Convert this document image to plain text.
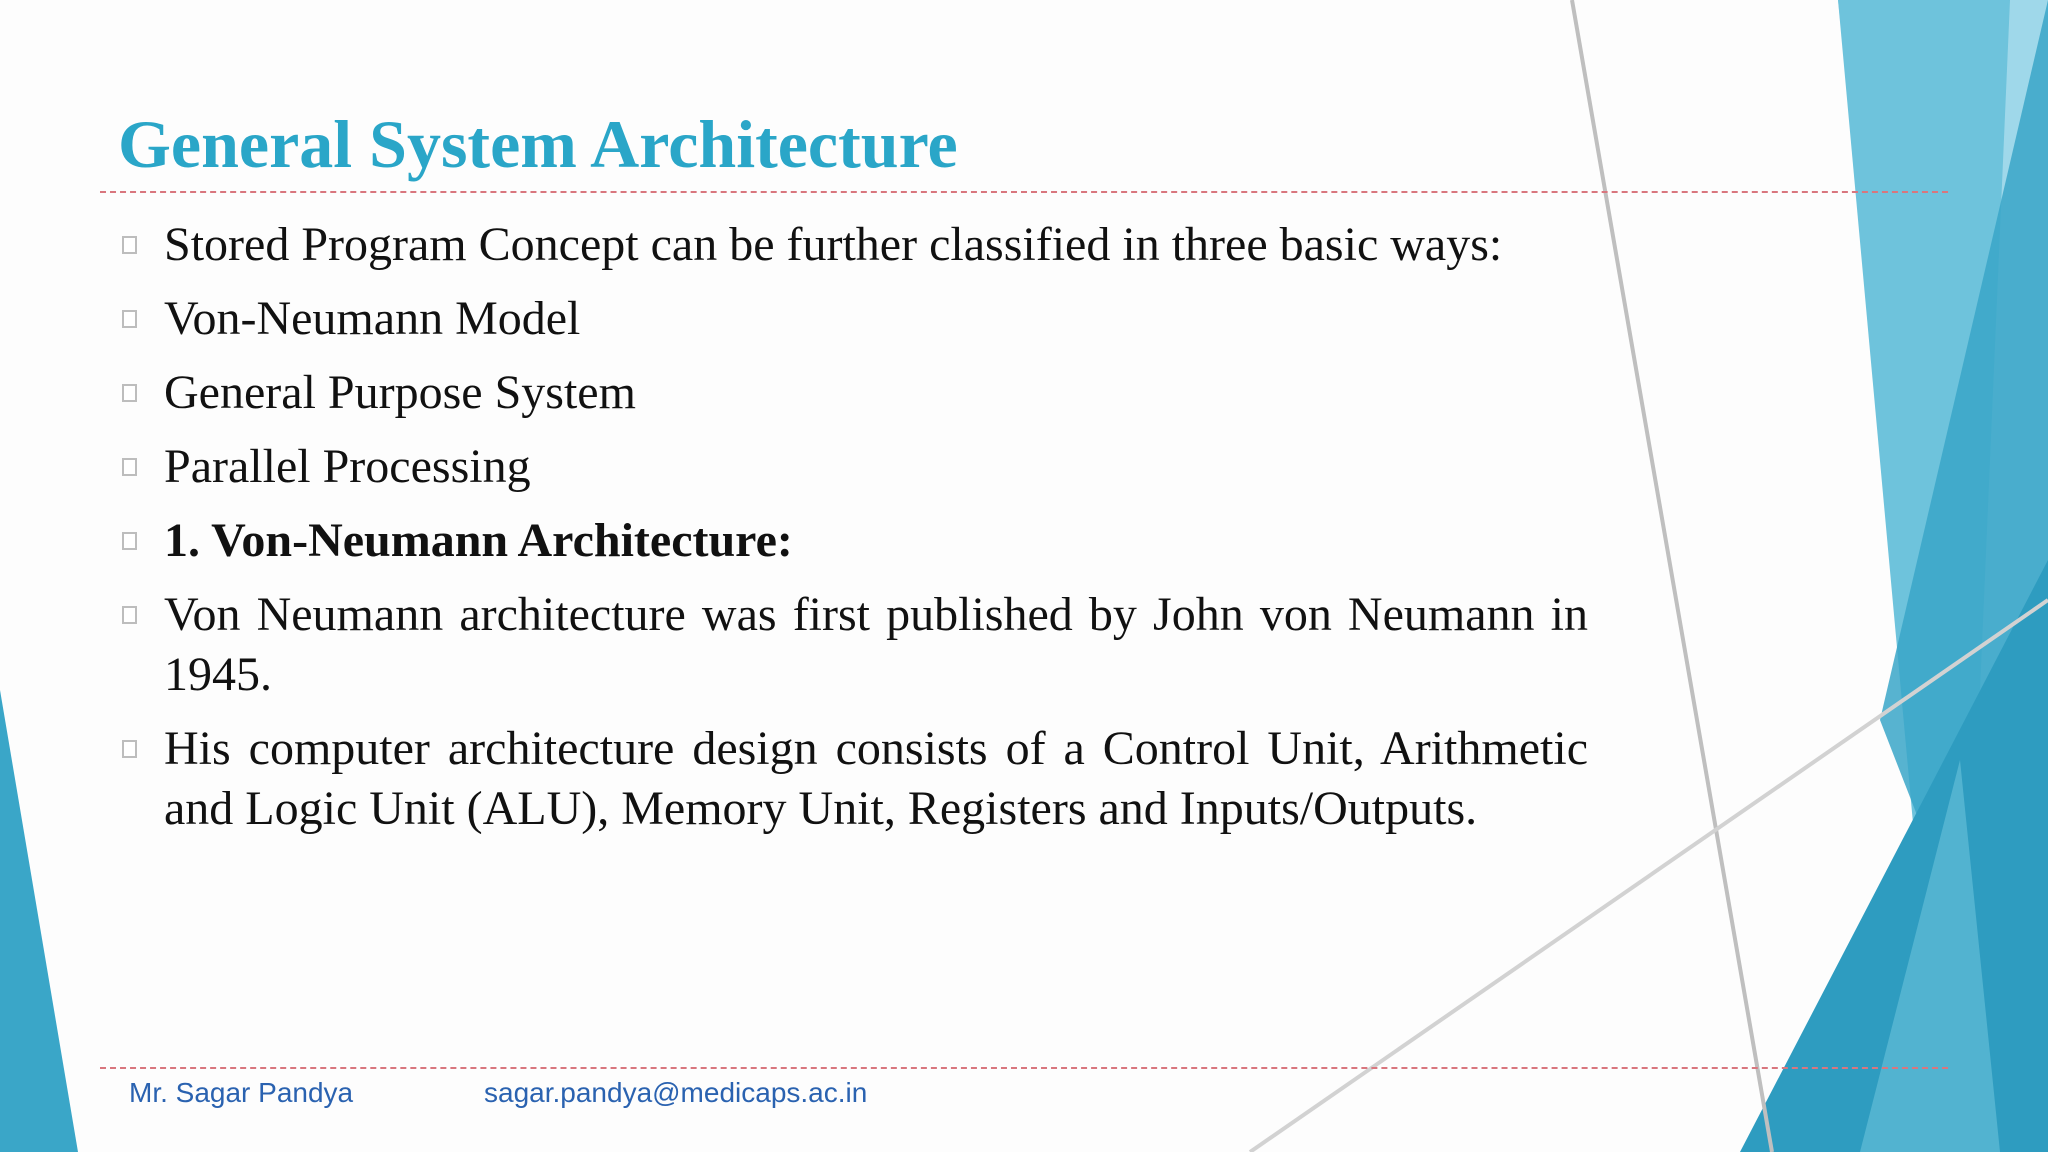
General System Architecture
Stored Program Concept can be further classified in three basic ways:
Von-Neumann Model
General Purpose System
Parallel Processing
1. Von-Neumann Architecture:
Von Neumann architecture was first published by John von Neumann in 1945.
His computer architecture design consists of a Control Unit, Arithmetic and Logic Unit (ALU), Memory Unit, Registers and Inputs/Outputs.
Mr. Sagar Pandya	sagar.pandya@medicaps.ac.in
